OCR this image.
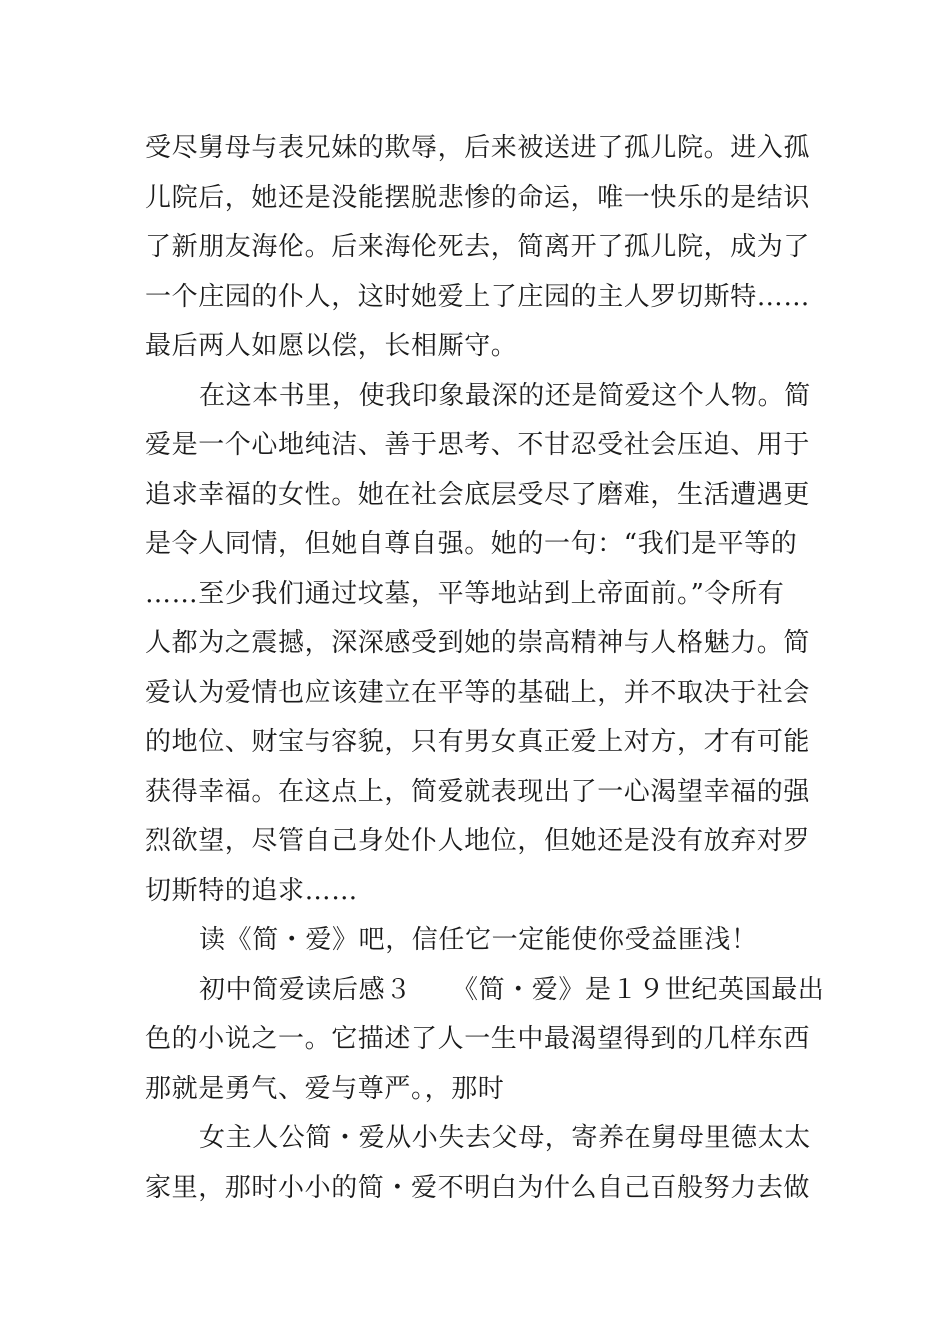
受尽舅母与表兄妹的欺辱，后来被送进了孤儿院。进入孤
儿院后，她还是没能摆脱悲惨的命运，唯一快乐的是结识
了新朋友海伦。后来海伦死去，简离开了孤儿院，成为了
一个庄园的仆人，这时她爱上了庄园的主人罗切斯特……
最后两人如愿以偿，长相厮守。
在这本书里，使我印象最深的还是简爱这个人物。简
爱是一个心地纯洁、善于思考、不甘忍受社会压迫、用于
追求幸福的女性。她在社会底层受尽了磨难，生活遭遇更
是令人同情，但她自尊自强。她的一句：“我们是平等的
……至少我们通过坟墓，平等地站到上帝面前。”令所有
人都为之震撼，深深感受到她的崇高精神与人格魅力。简
爱认为爱情也应该建立在平等的基础上，并不取决于社会
的地位、财宝与容貌，只有男女真正爱上对方，才有可能
获得幸福。在这点上，简爱就表现出了一心渴望幸福的强
烈欲望，尽管自己身处仆人地位，但她还是没有放弃对罗
切斯特的追求……
读《简・爱》吧，信任它一定能使你受益匪浅！
初中简爱读后感３　　《简・爱》是１９世纪英国最出
色的小说之一。它描述了人一生中最渴望得到的几样东西
那就是勇气、爱与尊严。，那时
女主人公简・爱从小失去父母，寄养在舅母里德太太
家里，那时小小的简・爱不明白为什么自己百般努力去做
